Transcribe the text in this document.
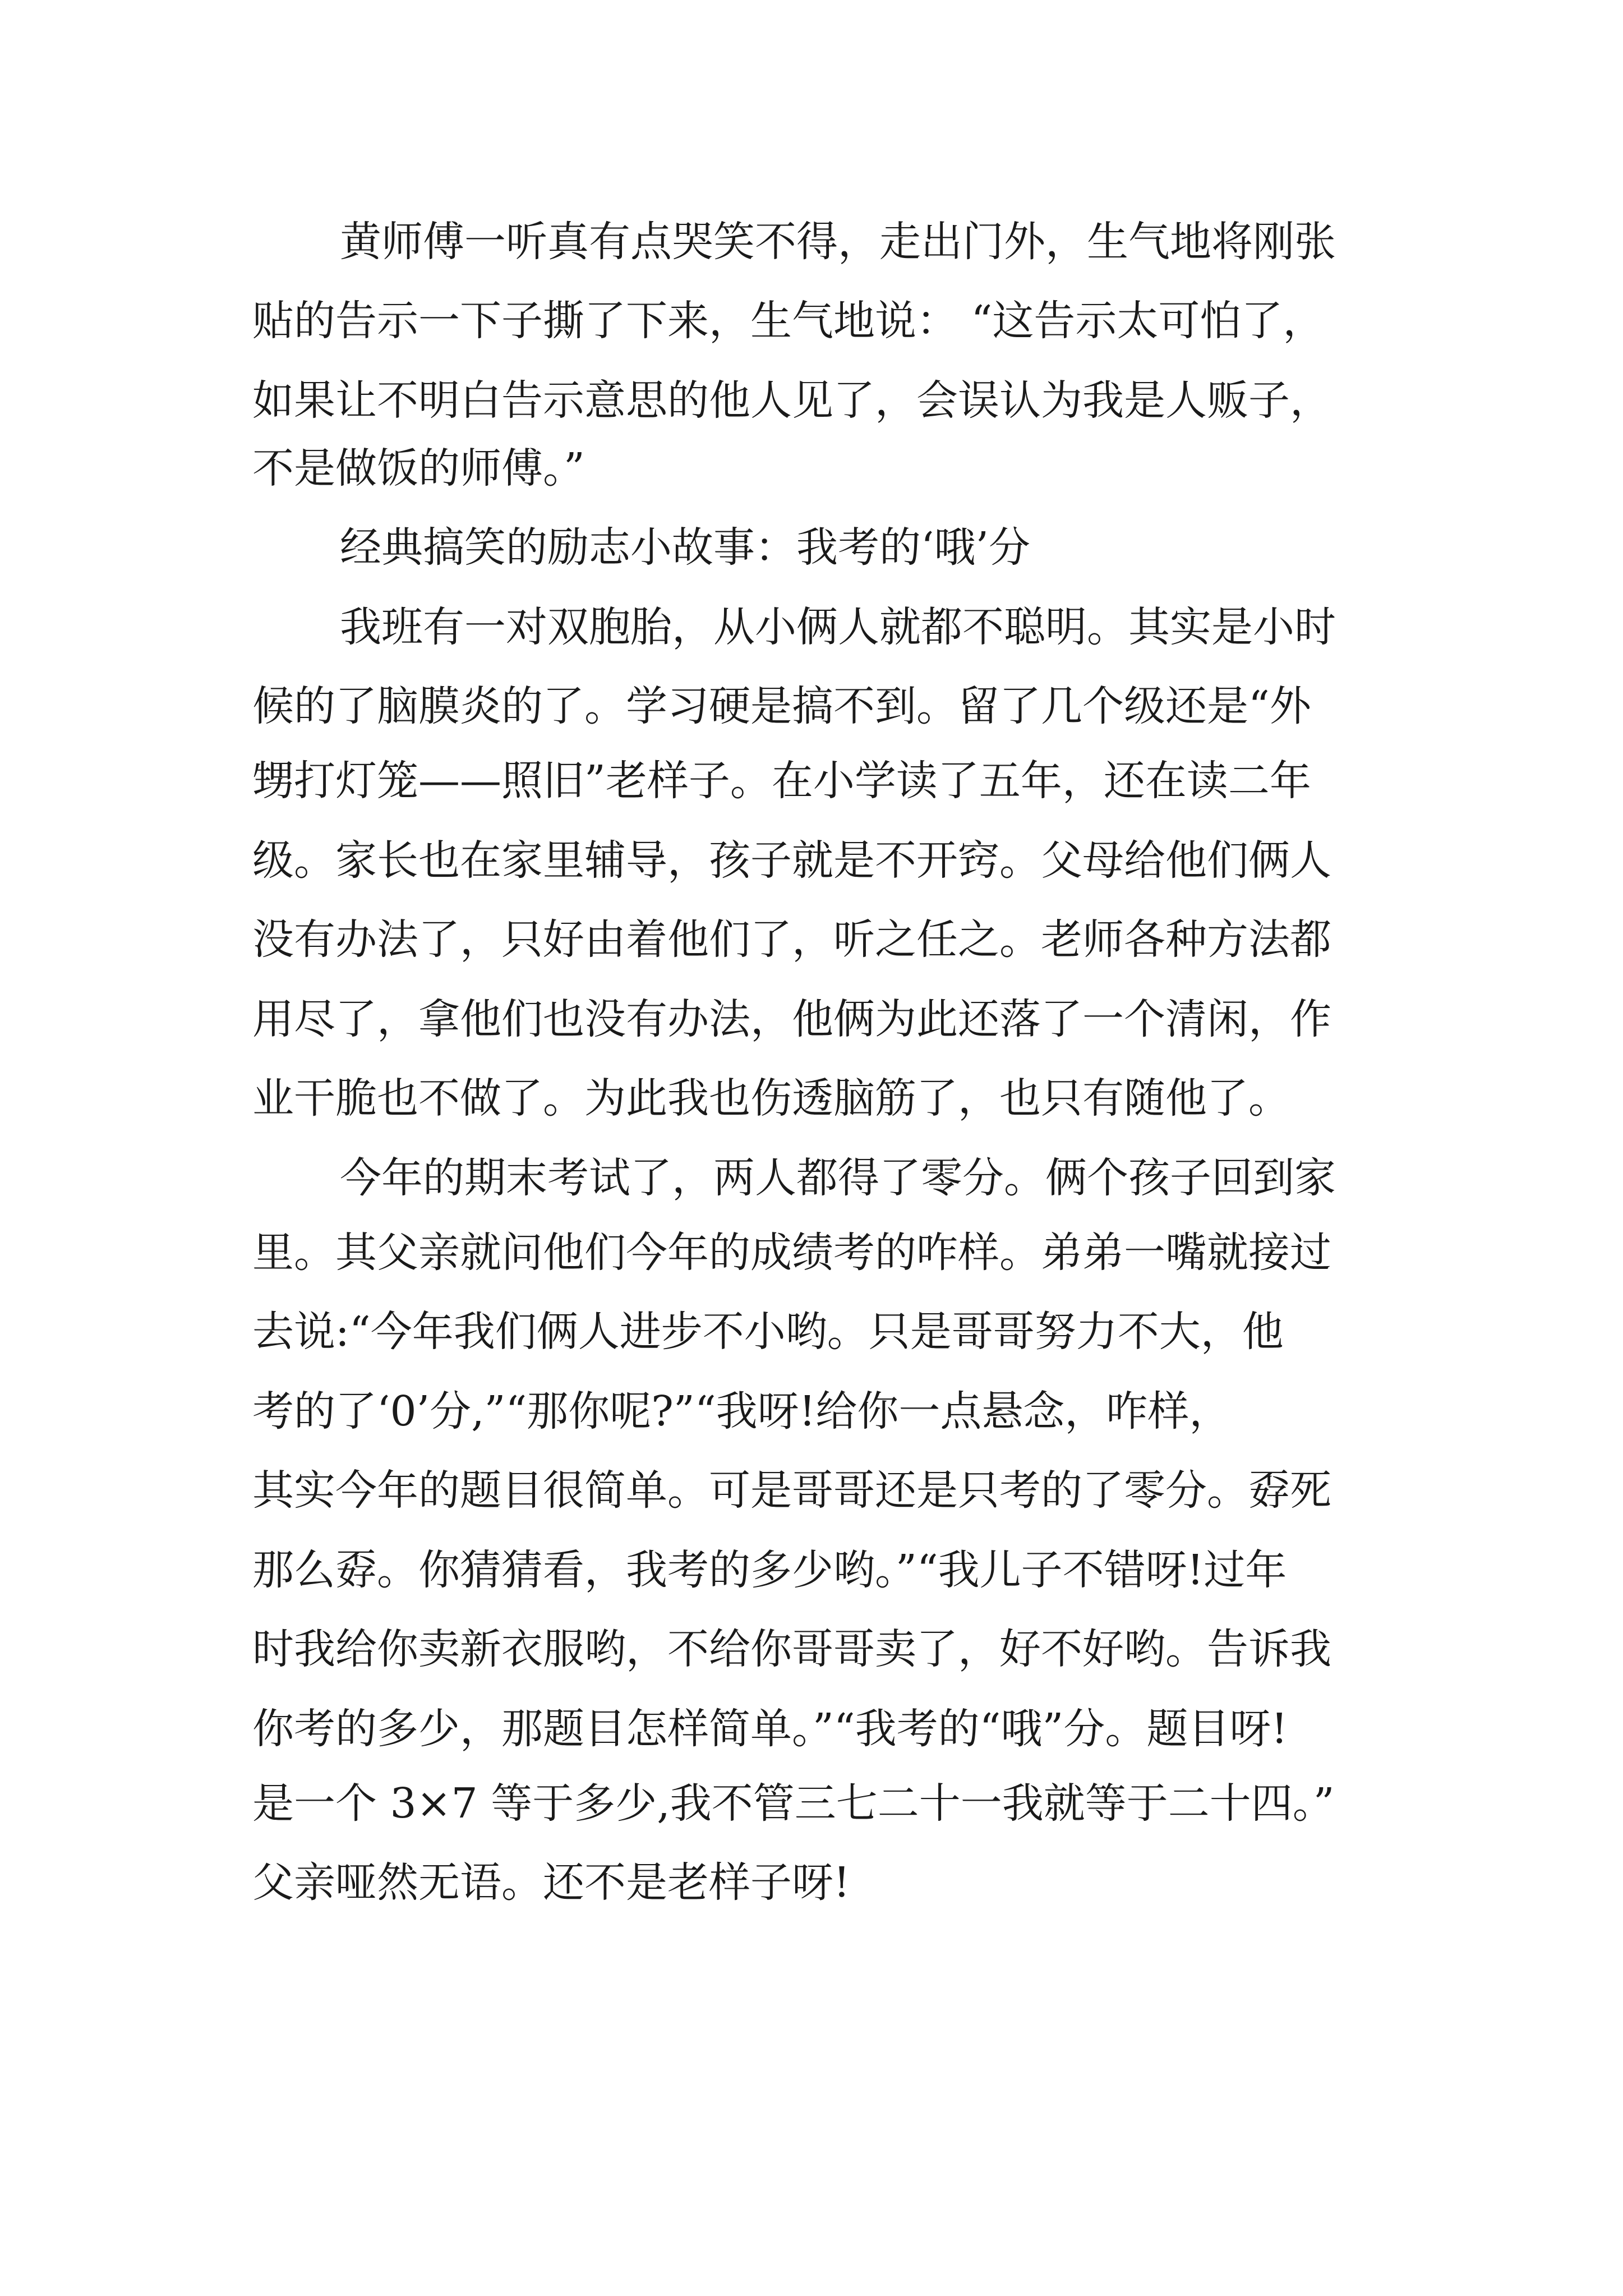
黄师傅一听真有点哭笑不得，走出门外，生气地将刚张
贴的告示一下子撕了下来，生气地说： “这告示太可怕了，
如果让不明白告示意思的他人见了，会误认为我是人贩子，
不是做饭的师傅。”
经典搞笑的励志小故事：我考的‘哦’分
我班有一对双胞胎，从小俩人就都不聪明。其实是小时
候的了脑膜炎的了。学习硬是搞不到。留了几个级还是“外
甥打灯笼——照旧”老样子。在小学读了五年，还在读二年
级。家长也在家里辅导，孩子就是不开窍。父母给他们俩人
没有办法了，只好由着他们了，听之任之。老师各种方法都
用尽了，拿他们也没有办法，他俩为此还落了一个清闲，作
业干脆也不做了。为此我也伤透脑筋了，也只有随他了。
今年的期末考试了，两人都得了零分。俩个孩子回到家
里。其父亲就问他们今年的成绩考的咋样。弟弟一嘴就接过
去说:“今年我们俩人进步不小哟。只是哥哥努力不大，他
考的了‘0’分,”“那你呢?”“我呀!给你一点悬念，咋样，
其实今年的题目很简单。可是哥哥还是只考的了零分。孬死
那么孬。你猜猜看，我考的多少哟。”“我儿子不错呀!过年
时我给你卖新衣服哟，不给你哥哥卖了，好不好哟。告诉我
你考的多少，那题目怎样简单。”“我考的“哦”分。题目呀!
是一个 3×7 等于多少,我不管三七二十一我就等于二十四。”
父亲哑然无语。还不是老样子呀!
